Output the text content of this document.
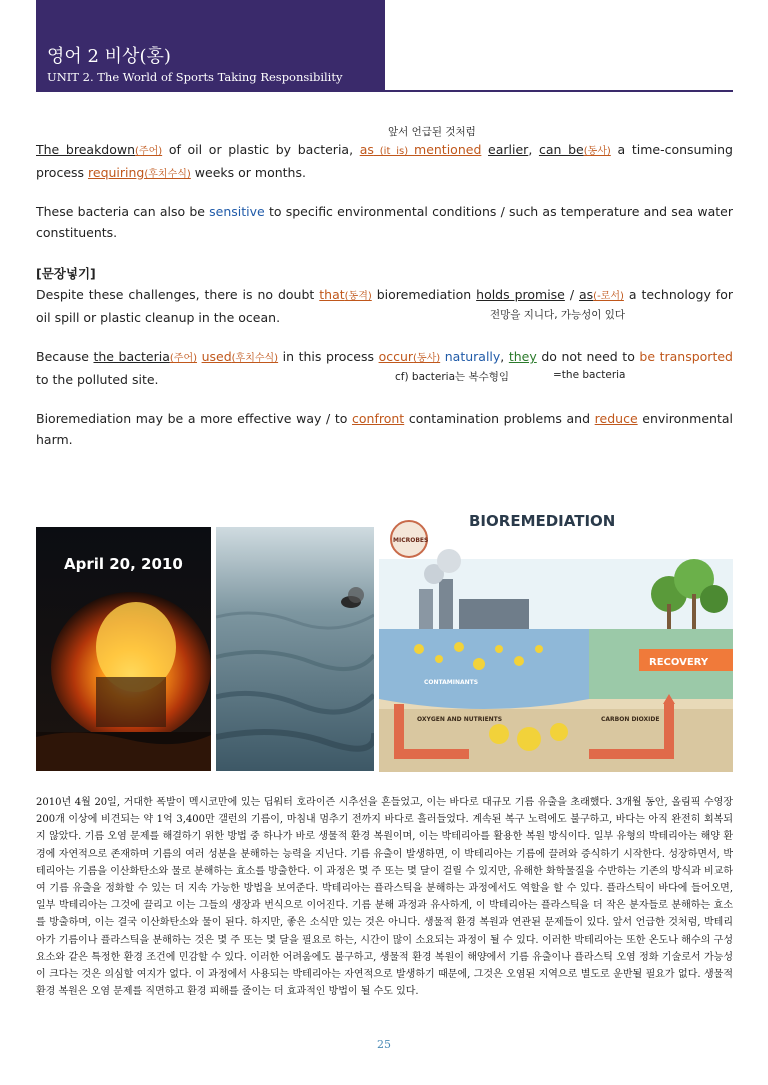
영어 2 비상(홍)
UNIT 2. The World of Sports Taking Responsibility
앞서 언급된 것처럼
The breakdown(주어) of oil or plastic by bacteria, as (it is) mentioned earlier, can be(동사) a time-consuming process requiring(후치수식) weeks or months.
These bacteria can also be sensitive to specific environmental conditions / such as temperature and sea water constituents.
[문장넣기]
Despite these challenges, there is no doubt that(동격) bioremediation holds promise / as(-로서) a technology for oil spill or plastic cleanup in the ocean.	전망을 지니다, 가능성이 있다
Because the bacteria(주어) used(후치수식) in this process occur(동사) naturally, they do not need to be transported to the polluted site.	cf) bacteria는 복수형임	=the bacteria
Bioremediation may be a more effective way / to confront contamination problems and reduce environmental harm.
April 20, 2010
BIOREMEDIATION
MICROBES
RECOVERY
CONTAMINANTS
OXYGEN AND NUTRIENTS	CARBON DIOXIDE
2010년 4월 20일, 거대한 폭발이 멕시코만에 있는 딥워터 호라이즌 시추선을 흔들었고, 이는 바다로 대규모 기름 유출을 초래했다. 3개월 동안, 올림픽 수영장 200개 이상에 비견되는 약 1억 3,400만 갤런의 기름이, 마침내 멈추기 전까지 바다로 흘러들었다. 계속된 복구 노력에도 불구하고, 바다는 아직 완전히 회복되지 않았다. 기름 오염 문제를 해결하기 위한 방법 중 하나가 바로 생물적 환경 복원이며, 이는 박테리아를 활용한 복원 방식이다. 일부 유형의 박테리아는 해양 환경에 자연적으로 존재하며 기름의 여러 성분을 분해하는 능력을 지닌다. 기름 유출이 발생하면, 이 박테리아는 기름에 끌려와 증식하기 시작한다. 성장하면서, 박테리아는 기름을 이산화탄소와 물로 분해하는 효소를 방출한다. 이 과정은 몇 주 또는 몇 달이 걸릴 수 있지만, 유해한 화학물질을 수반하는 기존의 방식과 비교하여 기름 유출을 정화할 수 있는 더 지속 가능한 방법을 보여준다. 박테리아는 플라스틱을 분해하는 과정에서도 역할을 할 수 있다. 플라스틱이 바다에 들어오면, 일부 박테리아는 그것에 끌리고 이는 그들의 생장과 번식으로 이어진다. 기름 분해 과정과 유사하게, 이 박테리아는 플라스틱을 더 작은 분자들로 분해하는 효소를 방출하며, 이는 결국 이산화탄소와 물이 된다. 하지만, 좋은 소식만 있는 것은 아니다. 생물적 환경 복원과 연관된 문제들이 있다. 앞서 언급한 것처럼, 박테리아가 기름이나 플라스틱을 분해하는 것은 몇 주 또는 몇 달을 필요로 하는, 시간이 많이 소요되는 과정이 될 수 있다. 이러한 박테리아는 또한 온도나 해수의 구성 요소와 같은 특정한 환경 조건에 민감할 수 있다. 이러한 어려움에도 불구하고, 생물적 환경 복원이 해양에서 기름 유출이나 플라스틱 오염 정화 기술로서 가능성이 크다는 것은 의심할 여지가 없다. 이 과정에서 사용되는 박테리아는 자연적으로 발생하기 때문에, 그것은 오염된 지역으로 별도로 운반될 필요가 없다. 생물적 환경 복원은 오염 문제를 직면하고 환경 피해를 줄이는 더 효과적인 방법이 될 수도 있다.
25
